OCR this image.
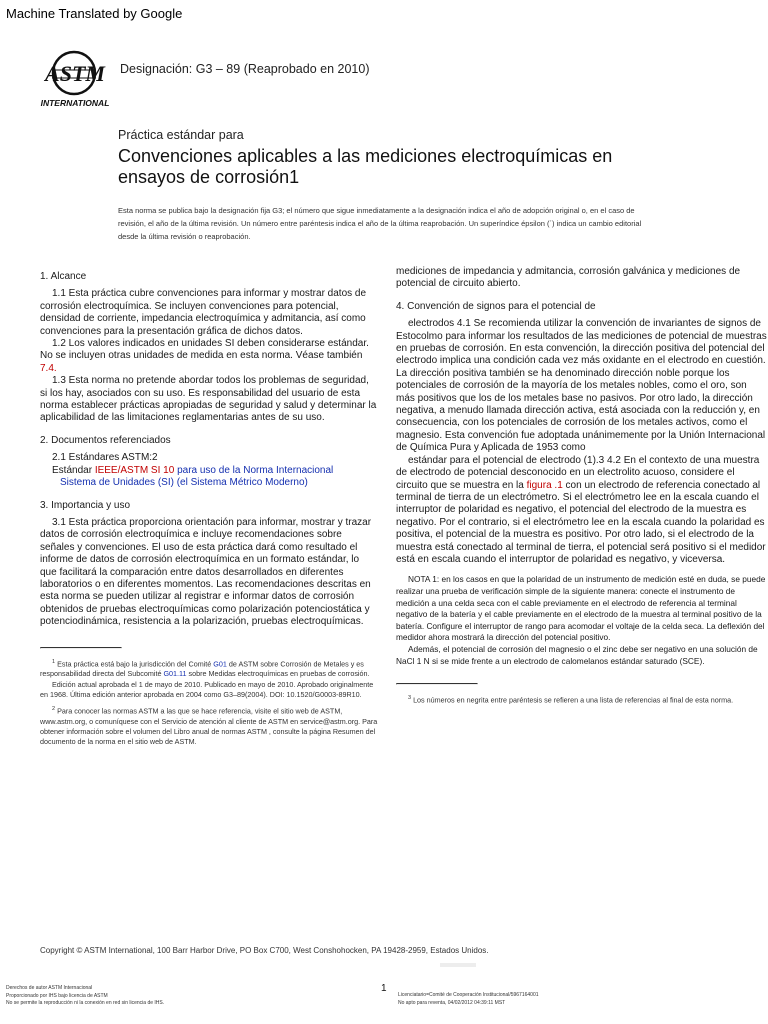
Machine Translated by Google
ASTM
INTERNATIONAL
Designación: G3 – 89 (Reaprobado en 2010)
Práctica estándar para
Convenciones aplicables a las mediciones electroquímicas en ensayos de corrosión1
Esta norma se publica bajo la designación fija G3; el número que sigue inmediatamente a la designación indica el año de adopción original o, en el caso de revisión, el año de la última revisión. Un número entre paréntesis indica el año de la última reaprobación. Un superíndice épsilon (´) indica un cambio editorial desde la última revisión o reaprobación.

1. Alcance

1.1 Esta práctica cubre convenciones para informar y mostrar datos de corrosión electroquímica. Se incluyen convenciones para potencial, densidad de corriente, impedancia electroquímica y admitancia, así como convenciones para la presentación gráfica de dichos datos.

1.2 Los valores indicados en unidades SI deben considerarse estándar. No se incluyen otras unidades de medida en esta norma. Véase también 7.4.

1.3 Esta norma no pretende abordar todos los problemas de seguridad, si los hay, asociados con su uso. Es responsabilidad del usuario de esta norma establecer prácticas apropiadas de seguridad y salud y determinar la aplicabilidad de las limitaciones reglamentarias antes de su uso.

2. Documentos referenciados

2.1 Estándares ASTM:2

Estándar IEEE/ASTM SI 10 para uso de la Norma Internacional

Sistema de Unidades (SI) (el Sistema Métrico Moderno)

3. Importancia y uso

3.1 Esta práctica proporciona orientación para informar, mostrar y trazar datos de corrosión electroquímica e incluye recomendaciones sobre señales y convenciones. El uso de esta práctica dará como resultado el informe de datos de corrosión electroquímica en un formato estándar, lo que facilitará la comparación entre datos desarrollados en diferentes laboratorios o en diferentes momentos. Las recomendaciones descritas en esta norma se pueden utilizar al registrar e informar datos de corrosión obtenidos de pruebas electroquímicas como polarización potenciostática y potenciodinámica, resistencia a la polarización, pruebas electroquímicas.

$^1$ Esta práctica está bajo la jurisdicción del Comité G01 de ASTM sobre Corrosión de Metales y es responsabilidad directa del Subcomité G01.11 sobre Medidas electroquímicas en pruebas de corrosión.

Edición actual aprobada el 1 de mayo de 2010. Publicado en mayo de 2010. Aprobado originalmente en 1968. Última edición anterior aprobada en 2004 como G3–89(2004). DOI: 10.1520/G0003-89R10.

$^2$ Para conocer las normas ASTM a las que se hace referencia, visite el sitio web de ASTM, www.astm.org, o comuníquese con el Servicio de atención al cliente de ASTM en service@astm.org. Para obtener información sobre el volumen del Libro anual de normas ASTM , consulte la página Resumen del documento de la norma en el sitio web de ASTM.

mediciones de impedancia y admitancia, corrosión galvánica y mediciones de potencial de circuito abierto.

4. Convención de signos para el potencial de

electrodos 4.1 Se recomienda utilizar la convención de invariantes de signos de Estocolmo para informar los resultados de las mediciones de potencial de muestras en pruebas de corrosión. En esta convención, la dirección positiva del potencial del electrodo implica una condición cada vez más oxidante en el electrodo en cuestión. La dirección positiva también se ha denominado dirección noble porque los potenciales de corrosión de la mayoría de los metales nobles, como el oro, son más positivos que los de los metales base no pasivos. Por otro lado, la dirección negativa, a menudo llamada dirección activa, está asociada con la reducción y, en consecuencia, con los potenciales de corrosión de los metales activos, como el magnesio. Esta convención fue adoptada unánimemente por la Unión Internacional de Química Pura y Aplicada de 1953 como

estándar para el potencial de electrodo (1).3 4.2 En el contexto de una muestra de electrodo de potencial desconocido en un electrolito acuoso, considere el circuito que se muestra en la figura .1 con un electrodo de referencia conectado al terminal de tierra de un electrómetro. Si el electrómetro lee en la escala cuando el interruptor de polaridad es negativo, el potencial del electrodo de la muestra es negativo. Por el contrario, si el electrómetro lee en la escala cuando la polaridad es positiva, el potencial de la muestra es positivo. Por otro lado, si el electrodo de la muestra está conectado al terminal de tierra, el potencial será positivo si el medidor está en escala cuando el interruptor de polaridad es negativo, y viceversa.

NOTA 1: en los casos en que la polaridad de un instrumento de medición esté en duda, se puede realizar una prueba de verificación simple de la siguiente manera: conecte el instrumento de medición a una celda seca con el cable previamente en el electrodo de referencia al terminal negativo de la batería y el cable previamente en el electrodo de la muestra al terminal positivo de la batería. Configure el interruptor de rango para acomodar el voltaje de la celda seca. La deflexión del medidor ahora mostrará la dirección del potencial positivo.

Además, el potencial de corrosión del magnesio o el zinc debe ser negativo en una solución de NaCl 1 N si se mide frente a un electrodo de calomelanos estándar saturado (SCE).

$^3$ Los números en negrita entre paréntesis se refieren a una lista de referencias al final de esta norma.

Copyright © ASTM International, 100 Barr Harbor Drive, PO Box C700, West Conshohocken, PA 19428-2959, Estados Unidos.
Derechos de autor ASTM Internacional
Proporcionado por IHS bajo licencia de ASTM
No se permite la reproducción ni la conexión en red sin licencia de IHS.
1
Licenciatario=Comité de Cooperación Institucional/5967164001
No apto para reventa, 04/02/2012 04:39:11 MST
